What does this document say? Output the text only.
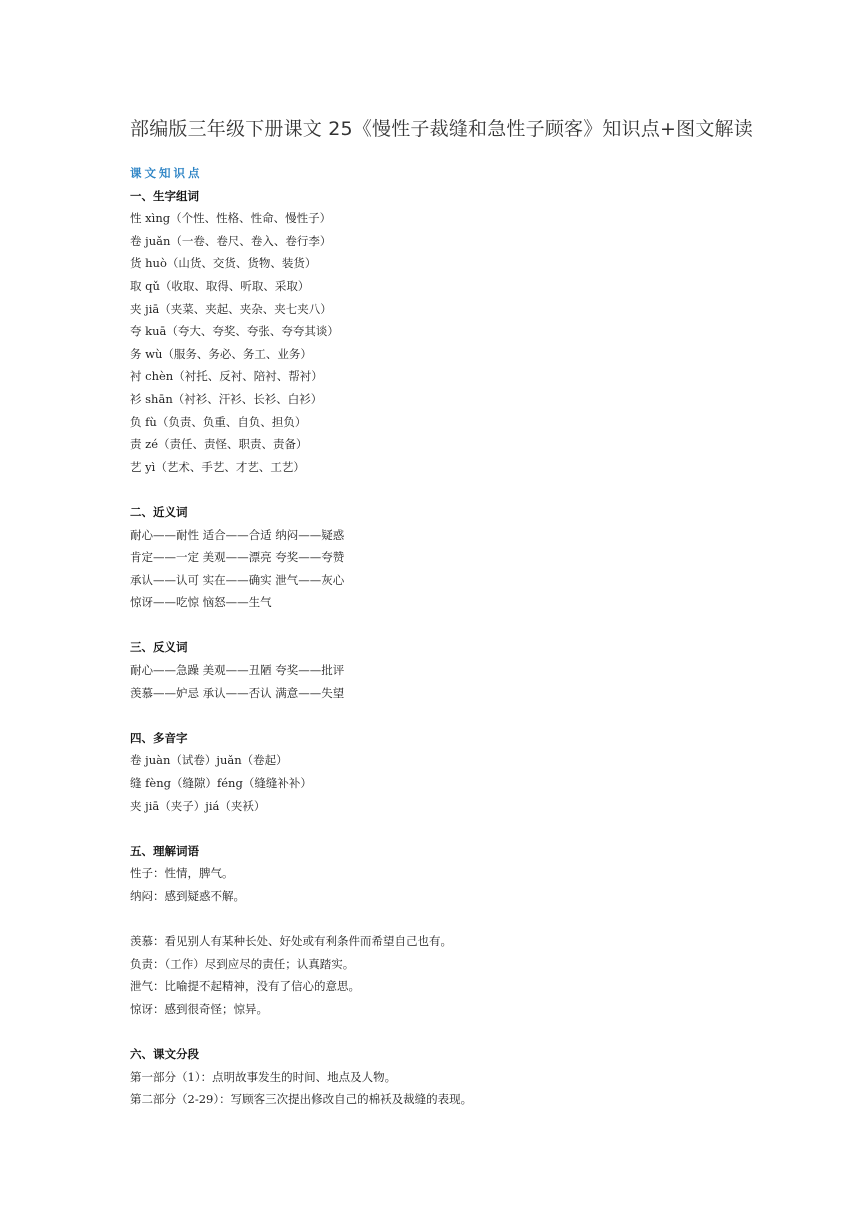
部编版三年级下册课文 25《慢性子裁缝和急性子顾客》知识点+图文解读
课文知识点
一、生字组词
性 xìng（个性、性格、性命、慢性子）
卷 juǎn（一卷、卷尺、卷入、卷行李）
货 huò（山货、交货、货物、装货）
取 qǔ（收取、取得、听取、采取）
夹 jiā（夹菜、夹起、夹杂、夹七夹八）
夸 kuā（夸大、夸奖、夸张、夸夸其谈）
务 wù（服务、务必、务工、业务）
衬 chèn（衬托、反衬、陪衬、帮衬）
衫 shān（衬衫、汗衫、长衫、白衫）
负 fù（负责、负重、自负、担负）
责 zé（责任、责怪、职责、责备）
艺 yì（艺术、手艺、才艺、工艺）
二、近义词
耐心——耐性 适合——合适 纳闷——疑惑
肯定——一定 美观——漂亮 夸奖——夸赞
承认——认可 实在——确实 泄气——灰心
惊讶——吃惊 恼怒——生气
三、反义词
耐心——急躁 美观——丑陋 夸奖——批评
羡慕——妒忌 承认——否认 满意——失望
四、多音字
卷 juàn（试卷）juǎn（卷起）
缝 fèng（缝隙）féng（缝缝补补）
夹 jiā（夹子）jiá（夹袄）
五、理解词语
性子：性情，脾气。
纳闷：感到疑惑不解。
羡慕：看见别人有某种长处、好处或有利条件而希望自己也有。
负责：（工作）尽到应尽的责任；认真踏实。
泄气：比喻提不起精神，没有了信心的意思。
惊讶：感到很奇怪；惊异。
六、课文分段
第一部分（1）：点明故事发生的时间、地点及人物。
第二部分（2-29）：写顾客三次提出修改自己的棉袄及裁缝的表现。
